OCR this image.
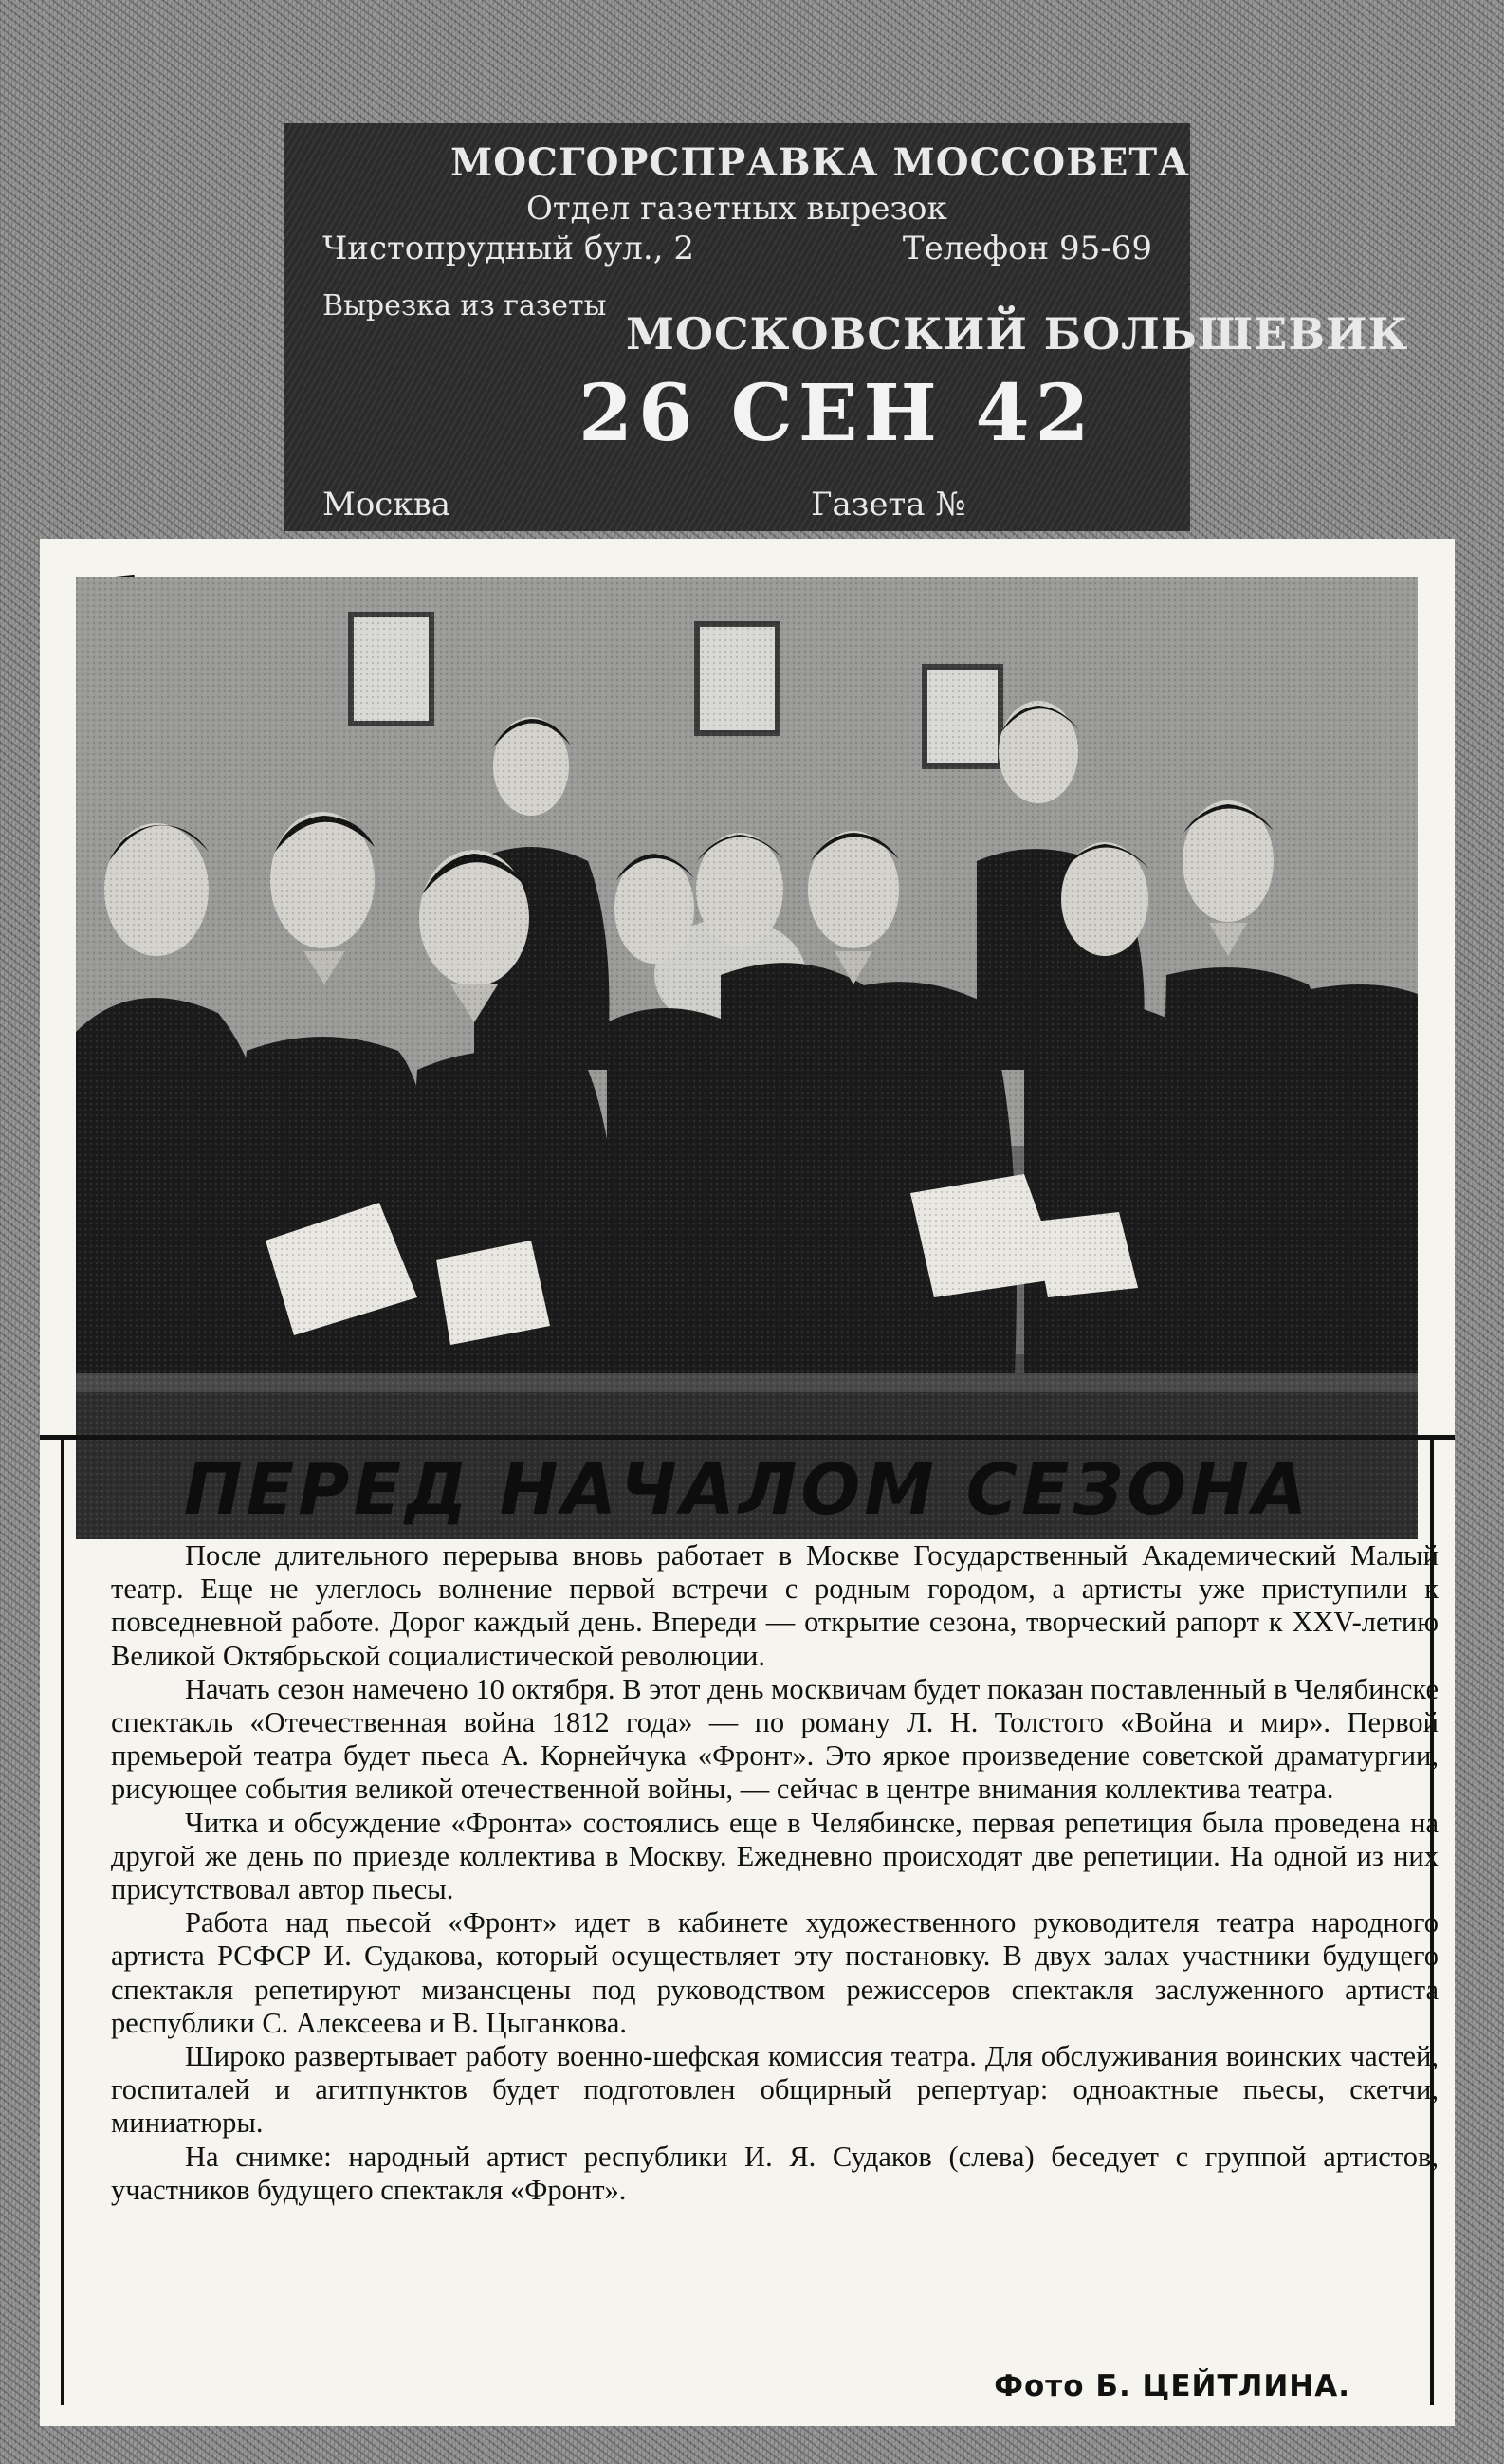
МОСГОРСПРАВКА МОССОВЕТА
Отдел газетных вырезок
Чистопрудный бул., 2	Телефон 95-69
Вырезка из газеты
МОСКОВСКИЙ БОЛЬШЕВИК
26 СЕН 42
Москва	Газета №
ПЕРЕД НАЧАЛОМ СЕЗОНА

После длительного перерыва вновь работает в Москве Государственный Академический Малый театр. Еще не улеглось волнение первой встречи с родным городом, а артисты уже приступили к повседневной работе. Дорог каждый день. Впереди — открытие сезона, творческий рапорт к XXV-летию Великой Октябрьской социалистической революции.

Начать сезон намечено 10 октября. В этот день москвичам будет показан поставленный в Челябинске спектакль «Отечественная война 1812 года» — по роману Л. Н. Толстого «Война и мир». Первой премьерой театра будет пьеса А. Корнейчука «Фронт». Это яркое произведение советской драматургии, рисующее события великой отечественной войны, — сейчас в центре внимания коллектива театра.

Читка и обсуждение «Фронта» состоялись еще в Челябинске, первая репетиция была проведена на другой же день по приезде коллектива в Москву. Ежедневно происходят две репетиции. На одной из них присутствовал автор пьесы.

Работа над пьесой «Фронт» идет в кабинете художественного руководителя театра народного артиста РСФСР И. Судакова, который осуществляет эту постановку. В двух залах участники будущего спектакля репетируют мизансцены под руководством режиссеров спектакля заслуженного артиста республики С. Алексеева и В. Цыганкова.

Широко развертывает работу военно-шефская комиссия театра. Для обслуживания воинских частей, госпиталей и агитпунктов будет подготовлен общирный репертуар: одноактные пьесы, скетчи, миниатюры.

На снимке: народный артист республики И. Я. Судаков (слева) беседует с группой артистов, участников будущего спектакля «Фронт».

Фото Б. ЦЕЙТЛИНА.
